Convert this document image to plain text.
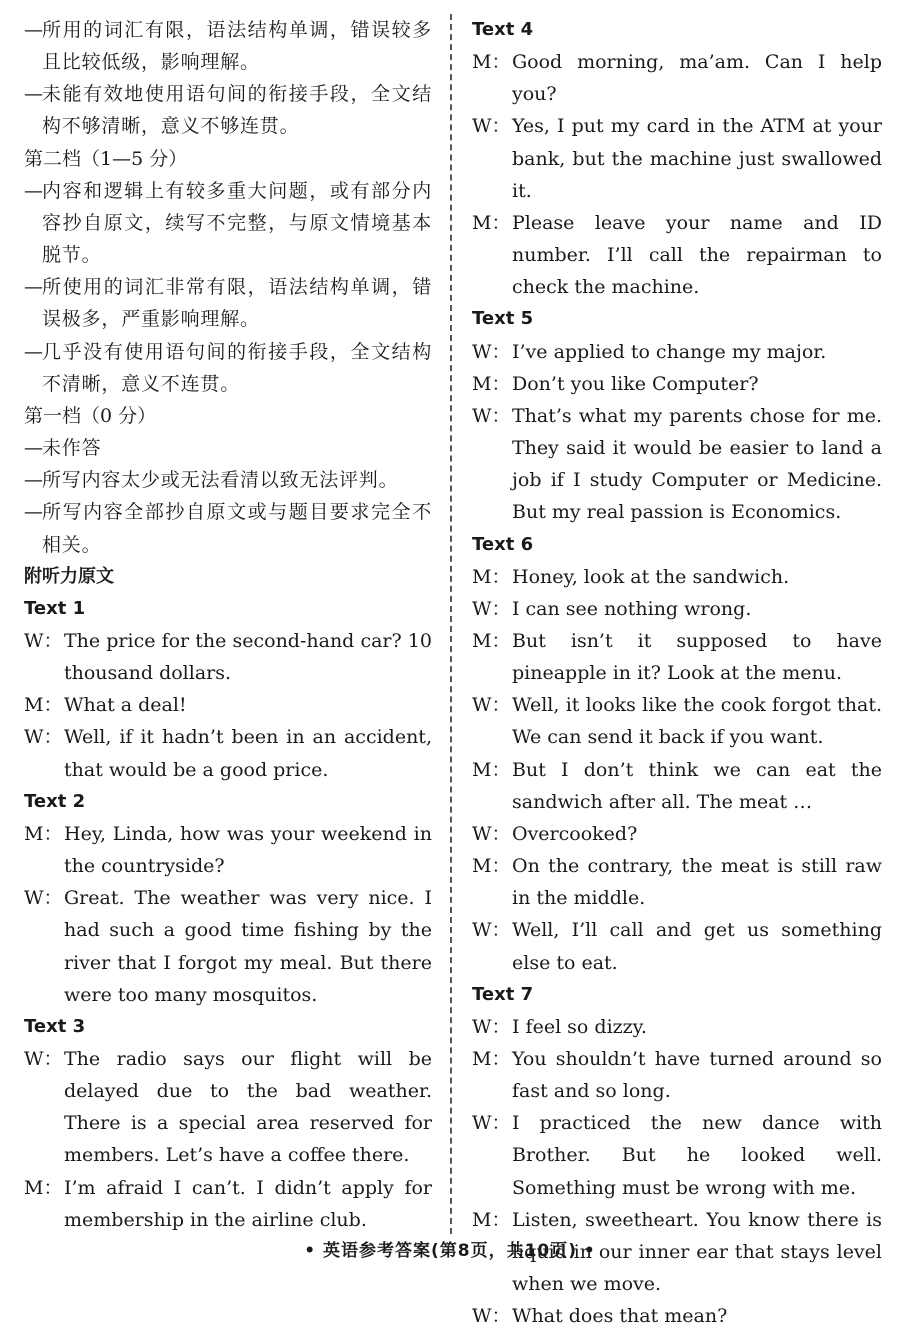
— 所用的词汇有限，语法结构单调，错误较多且比较低级，影响理解。
— 未能有效地使用语句间的衔接手段，全文结构不够清晰，意义不够连贯。
第二档（1—5 分）
— 内容和逻辑上有较多重大问题，或有部分内容抄自原文，续写不完整，与原文情境基本脱节。
— 所使用的词汇非常有限，语法结构单调，错误极多，严重影响理解。
— 几乎没有使用语句间的衔接手段，全文结构不清晰，意义不连贯。
第一档（0 分）
— 未作答
— 所写内容太少或无法看清以致无法评判。
— 所写内容全部抄自原文或与题目要求完全不相关。
附听力原文
Text 1
W： The price for the second-hand car? 10 thousand dollars.
M： What a deal!
W： Well, if it hadn’t been in an accident, that would be a good price.
Text 2
M： Hey, Linda, how was your weekend in the countryside?
W： Great. The weather was very nice. I had such a good time fishing by the river that I forgot my meal. But there were too many mosquitos.
Text 3
W： The radio says our flight will be delayed due to the bad weather. There is a special area reserved for members. Let’s have a coffee there.
M： I’m afraid I can’t. I didn’t apply for membership in the airline club.
Text 4
M： Good morning, ma’am. Can I help you?
W： Yes, I put my card in the ATM at your bank, but the machine just swallowed it.
M： Please leave your name and ID number. I’ll call the repairman to check the machine.
Text 5
W： I’ve applied to change my major.
M： Don’t you like Computer?
W： That’s what my parents chose for me. They said it would be easier to land a job if I study Computer or Medicine. But my real passion is Economics.
Text 6
M： Honey, look at the sandwich.
W： I can see nothing wrong.
M： But isn’t it supposed to have pineapple in it? Look at the menu.
W： Well, it looks like the cook forgot that. We can send it back if you want.
M： But I don’t think we can eat the sandwich after all. The meat …
W： Overcooked?
M： On the contrary, the meat is still raw in the middle.
W： Well, I’ll call and get us something else to eat.
Text 7
W： I feel so dizzy.
M： You shouldn’t have turned around so fast and so long.
W： I practiced the new dance with Brother. But he looked well. Something must be wrong with me.
M： Listen, sweetheart. You know there is liquid in our inner ear that stays level when we move.
W： What does that mean?
• 英语参考答案(第8页，共10页) •
